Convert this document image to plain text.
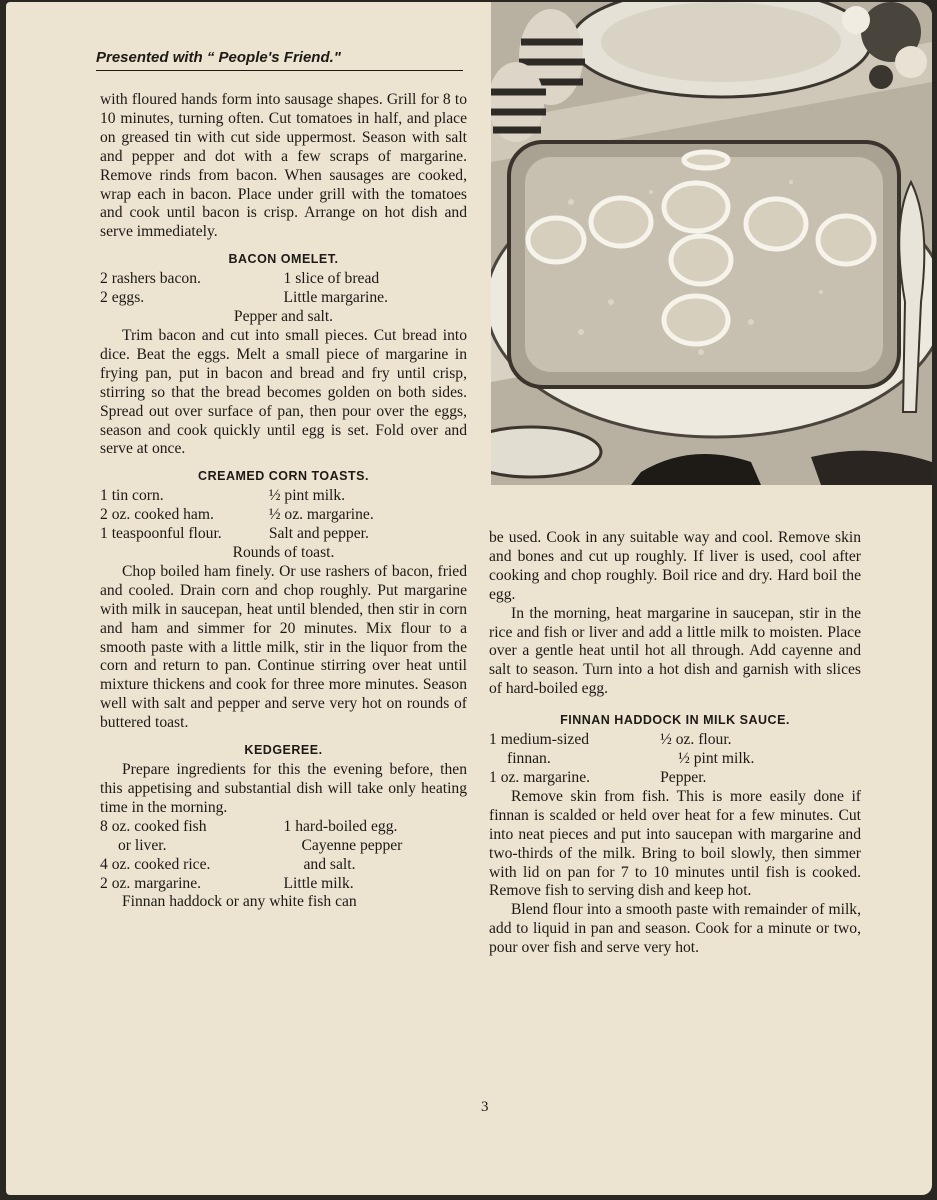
Presented with “ People's Friend."

with floured hands form into sausage shapes. Grill for 8 to 10 minutes, turning often. Cut tomatoes in half, and place on greased tin with cut side uppermost. Season with salt and pepper and dot with a few scraps of margarine. Remove rinds from bacon. When sausages are cooked, wrap each in bacon. Place under grill with the tomatoes and cook until bacon is crisp. Arrange on hot dish and serve immediately.

BACON OMELET.
2 rashers bacon.	1 slice of bread
2 eggs.	Little margarine.
Pepper and salt.

Trim bacon and cut into small pieces. Cut bread into dice. Beat the eggs. Melt a small piece of margarine in frying pan, put in bacon and bread and fry until crisp, stirring so that the bread becomes golden on both sides. Spread out over surface of pan, then pour over the eggs, season and cook quickly until egg is set. Fold over and serve at once.

CREAMED CORN TOASTS.
1 tin corn.	½ pint milk.
2 oz. cooked ham.	½ oz. margarine.
1 teaspoonful flour.	Salt and pepper.
Rounds of toast.

Chop boiled ham finely. Or use rashers of bacon, fried and cooled. Drain corn and chop roughly. Put margarine with milk in saucepan, heat until blended, then stir in corn and ham and simmer for 20 minutes. Mix flour to a smooth paste with a little milk, stir in the liquor from the corn and return to pan. Continue stirring over heat until mixture thickens and cook for three more minutes. Season well with salt and pepper and serve very hot on rounds of buttered toast.

KEDGEREE.

Prepare ingredients for this the evening before, then this appetising and substantial dish will take only heating time in the morning.

8 oz. cooked fish	1 hard-boiled egg.
or liver.	Cayenne pepper
4 oz. cooked rice.	and salt.
2 oz. margarine.	Little milk.

Finnan haddock or any white fish can

be used. Cook in any suitable way and cool. Remove skin and bones and cut up roughly. If liver is used, cool after cooking and chop roughly. Boil rice and dry. Hard boil the egg.

In the morning, heat margarine in saucepan, stir in the rice and fish or liver and add a little milk to moisten. Place over a gentle heat until hot all through. Add cayenne and salt to season. Turn into a hot dish and garnish with slices of hard-boiled egg.

FINNAN HADDOCK IN MILK SAUCE.
1 medium-sized	½ oz. flour.
finnan.	½ pint milk.
1 oz. margarine.	Pepper.

Remove skin from fish. This is more easily done if finnan is scalded or held over heat for a few minutes. Cut into neat pieces and put into saucepan with margarine and two-thirds of the milk. Bring to boil slowly, then simmer with lid on pan for 7 to 10 minutes until fish is cooked. Remove fish to serving dish and keep hot.

Blend flour into a smooth paste with remainder of milk, add to liquid in pan and season. Cook for a minute or two, pour over fish and serve very hot.

3
